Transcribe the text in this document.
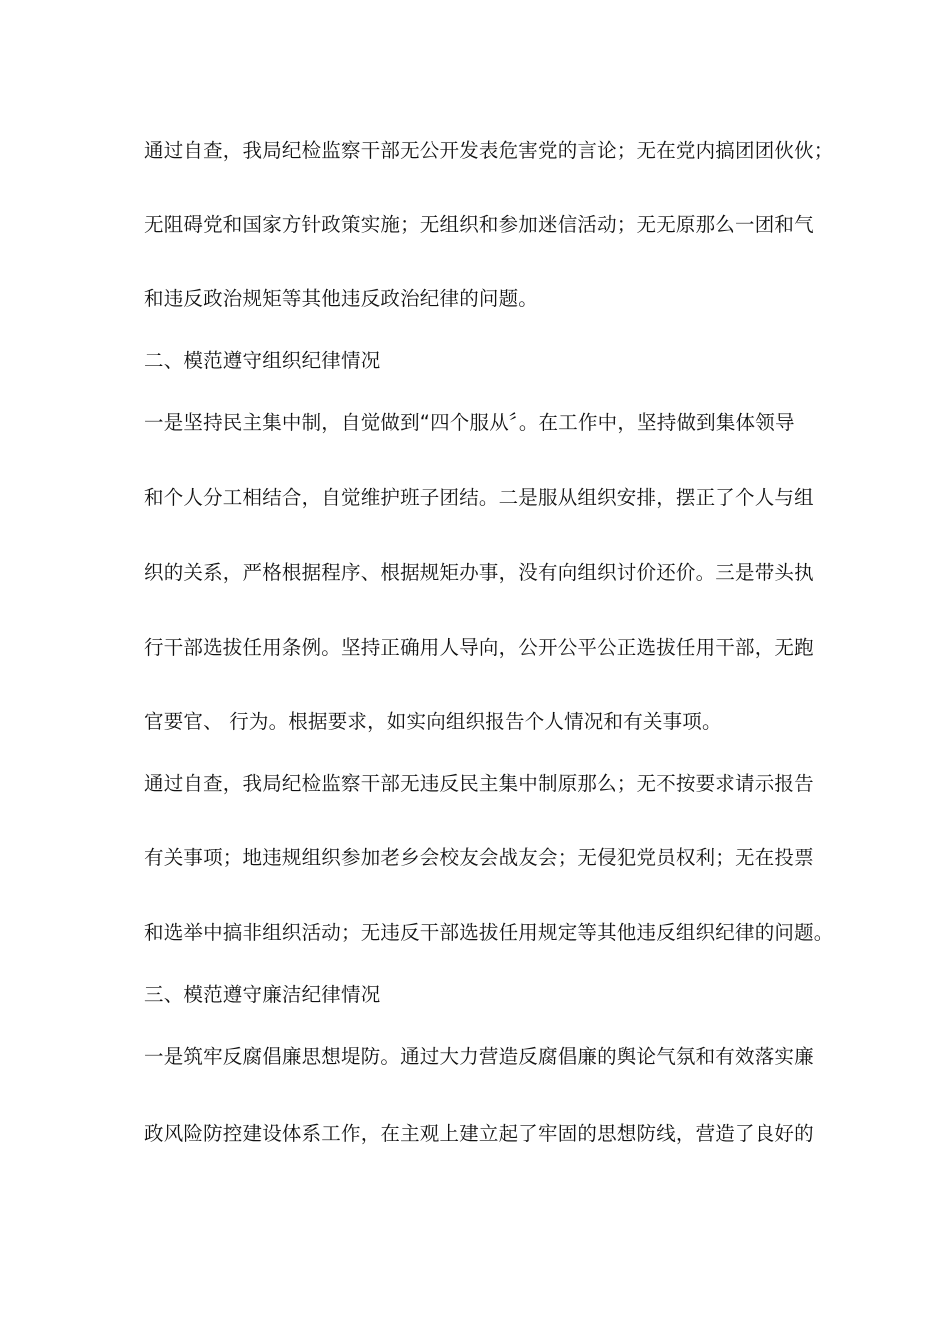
通过自查，我局纪检监察干部无公开发表危害党的言论；无在党内搞团团伙伙；
无阻碍党和国家方针政策实施；无组织和参加迷信活动；无无原那么一团和气
和违反政治规矩等其他违反政治纪律的问题。
二、模范遵守组织纪律情况
一是坚持民主集中制，自觉做到“四个服从〞。在工作中，坚持做到集体领导
和个人分工相结合，自觉维护班子团结。二是服从组织安排，摆正了个人与组
织的关系，严格根据程序、根据规矩办事，没有向组织讨价还价。三是带头执
行干部选拔任用条例。坚持正确用人导向，公开公平公正选拔任用干部，无跑
官要官、 行为。根据要求，如实向组织报告个人情况和有关事项。
通过自查，我局纪检监察干部无违反民主集中制原那么；无不按要求请示报告
有关事项；地违规组织参加老乡会校友会战友会；无侵犯党员权利；无在投票
和选举中搞非组织活动；无违反干部选拔任用规定等其他违反组织纪律的问题。
三、模范遵守廉洁纪律情况
一是筑牢反腐倡廉思想堤防。通过大力营造反腐倡廉的舆论气氛和有效落实廉
政风险防控建设体系工作，在主观上建立起了牢固的思想防线，营造了良好的
